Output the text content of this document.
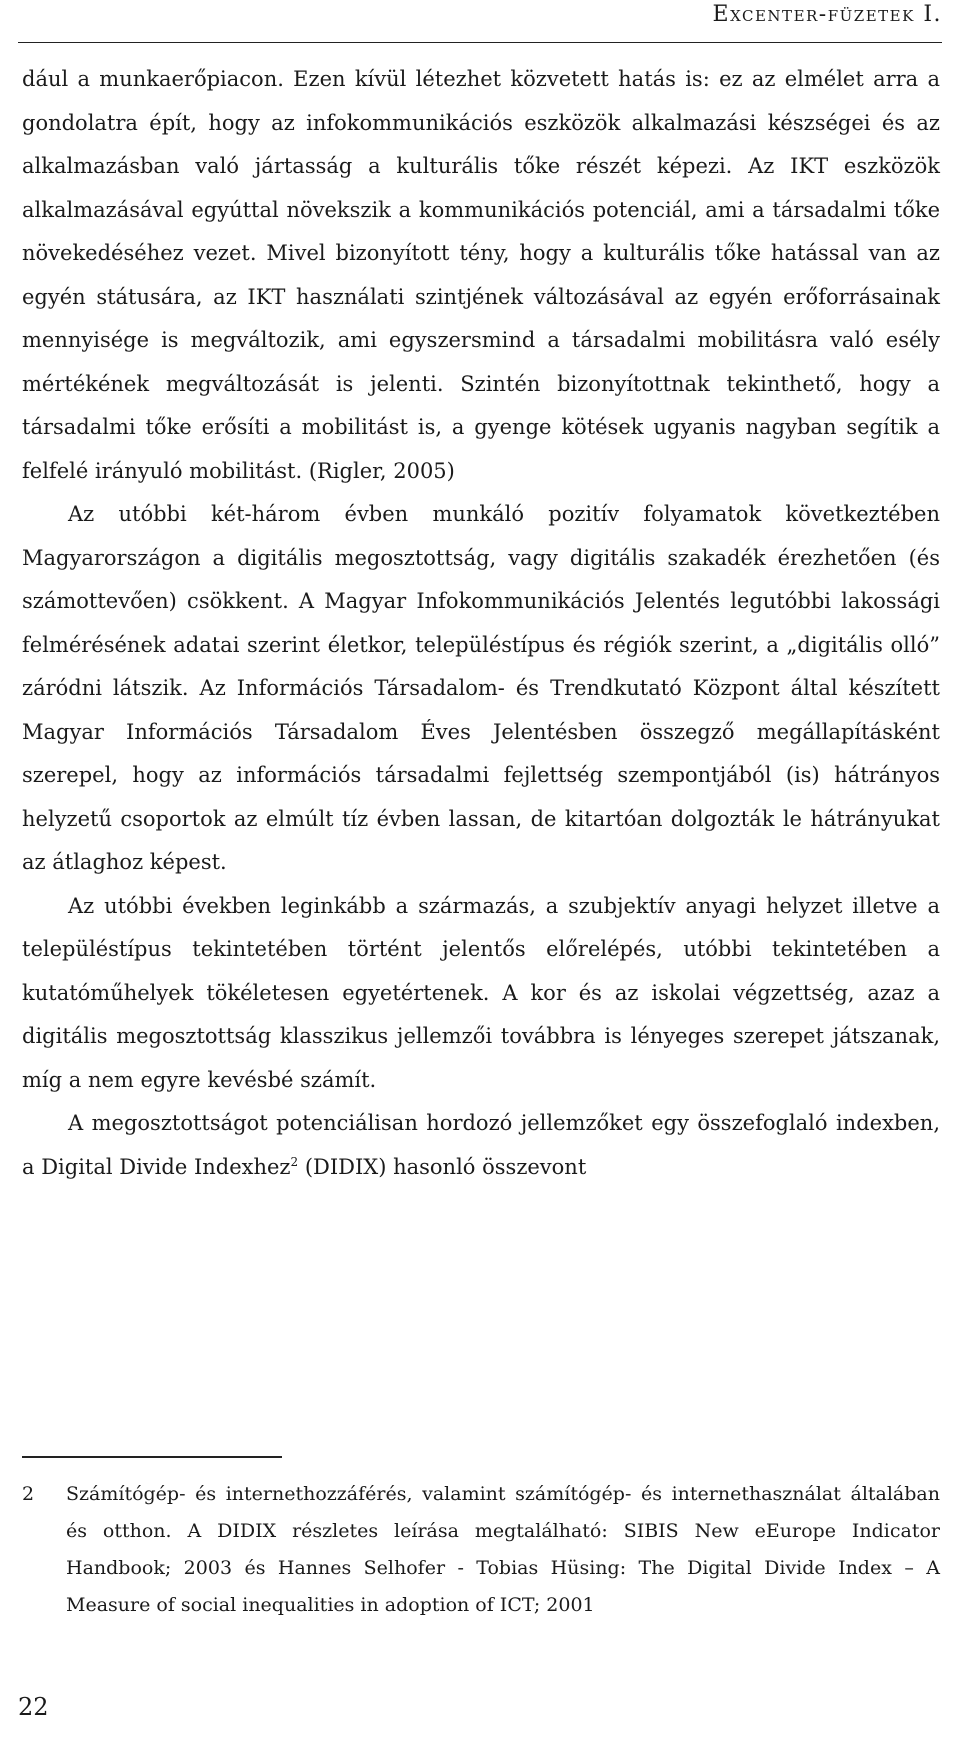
Excenter-füzetek I.

dául a munkaerőpiacon. Ezen kívül létezhet közvetett hatás is: ez az elmélet arra a gondolatra épít, hogy az infokommunikációs eszközök alkalmazási készségei és az alkalmazásban való jártasság a kulturális tőke részét képezi. Az IKT eszközök alkalmazásával egyúttal növekszik a kommunikációs potenciál, ami a társadalmi tőke növekedéséhez vezet. Mivel bizonyított tény, hogy a kulturális tőke hatással van az egyén státusára, az IKT használati szintjének változásával az egyén erőforrásainak mennyisége is megváltozik, ami egyszersmind a társadalmi mobilitásra való esély mértékének megváltozását is jelenti. Szintén bizonyítottnak tekinthető, hogy a társadalmi tőke erősíti a mobilitást is, a gyenge kötések ugyanis nagyban segítik a felfelé irányuló mobilitást. (Rigler, 2005)

Az utóbbi két-három évben munkáló pozitív folyamatok következtében Magyarországon a digitális megosztottság, vagy digitális szakadék érezhetően (és számottevően) csökkent. A Magyar Infokommunikációs Jelentés legutóbbi lakossági felmérésének adatai szerint életkor, településtípus és régiók szerint, a „digitális olló” záródni látszik. Az Információs Társadalom- és Trendkutató Központ által készített Magyar Információs Társadalom Éves Jelentésben összegző megállapításként szerepel, hogy az információs társadalmi fejlettség szempontjából (is) hátrányos helyzetű csoportok az elmúlt tíz évben lassan, de kitartóan dolgozták le hátrányukat az átlaghoz képest.

Az utóbbi években leginkább a származás, a szubjektív anyagi helyzet illetve a településtípus tekintetében történt jelentős előrelépés, utóbbi tekintetében a kutatóműhelyek tökéletesen egyetértenek. A kor és az iskolai végzettség, azaz a digitális megosztottság klasszikus jellemzői továbbra is lényeges szerepet játszanak, míg a nem egyre kevésbé számít.

A megosztottságot potenciálisan hordozó jellemzőket egy összefoglaló indexben, a Digital Divide Indexhez$^2$ (DIDIX) hasonló összevont

2	Számítógép- és internethozzáférés, valamint számítógép- és internethasználat általában és otthon. A DIDIX részletes leírása megtalálható: SIBIS New eEurope Indicator Handbook; 2003 és Hannes Selhofer - Tobias Hüsing: The Digital Divide Index – A Measure of social inequalities in adoption of ICT; 2001
22
